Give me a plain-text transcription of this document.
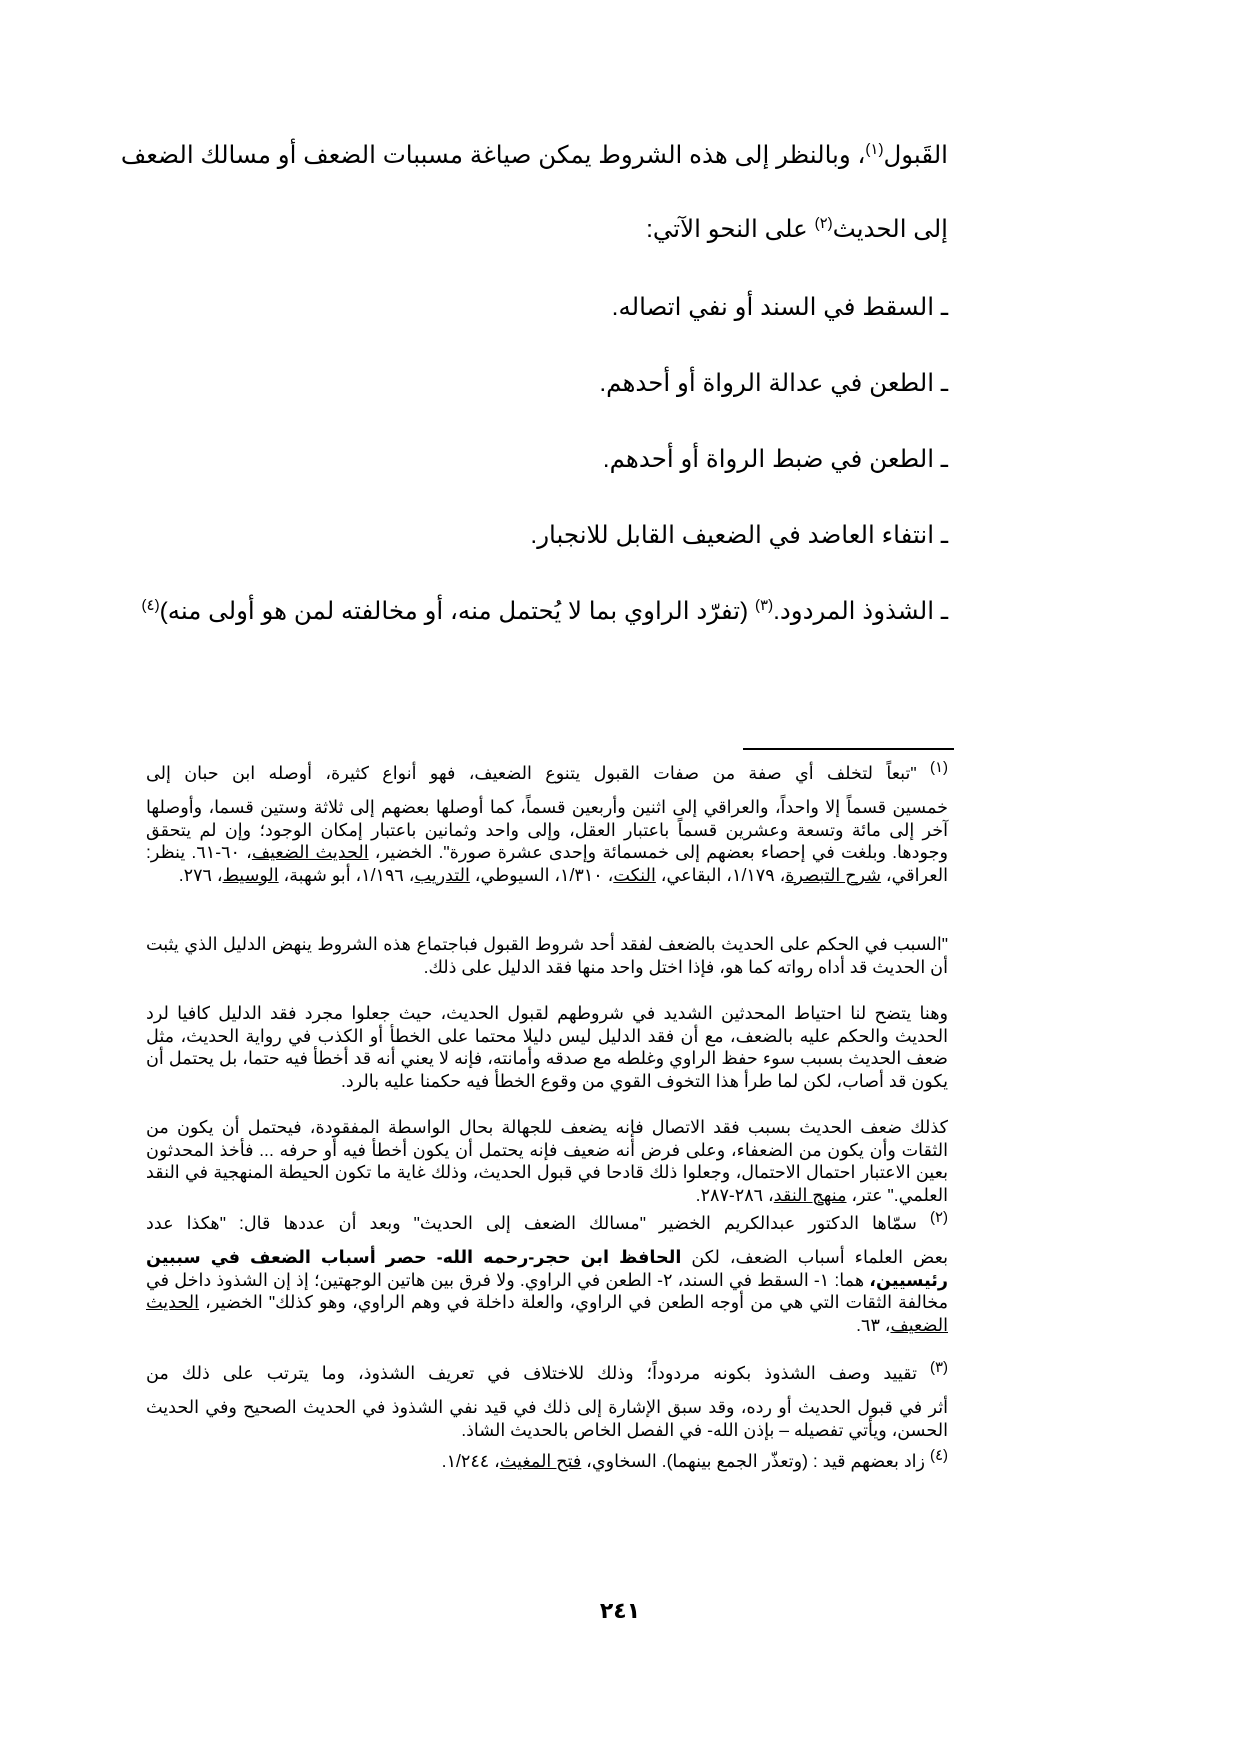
القَبول$^{(١)}$، وبالنظر إلى هذه الشروط يمكن صياغة مسببات الضعف أو مسالك الضعف
إلى الحديث$^{(٢)}$ على النحو الآتي:
ـ السقط في السند أو نفي اتصاله.
ـ الطعن في عدالة الرواة أو أحدهم.
ـ الطعن في ضبط الرواة أو أحدهم.
ـ انتفاء العاضد في الضعيف القابل للانجبار.
ـ الشذوذ المردود.$^{(٣)}$ (تفرّد الراوي بما لا يُحتمل منه، أو مخالفته لمن هو أولى منه)$^{(٤)}$
$^{(١)}$ "تبعاً لتخلف أي صفة من صفات القبول يتنوع الضعيف، فهو أنواع كثيرة، أوصله ابن حبان إلى
خمسين قسماً إلا واحداً، والعراقي إلى اثنين وأربعين قسماً، كما أوصلها بعضهم إلى ثلاثة وستين قسما، وأوصلها آخر إلى مائة وتسعة وعشرين قسماً باعتبار العقل، وإلى واحد وثمانين باعتبار إمكان الوجود؛ وإن لم يتحقق وجودها. وبلغت في إحصاء بعضهم إلى خمسمائة وإحدى عشرة صورة". الخضير، الحديث الضعيف، ٦٠-٦١. ينظر: العراقي، شرح التبصرة، ١/١٧٩، البقاعي، النكت، ١/٣١٠، السيوطي، التدريب، ١/١٩٦، أبو شهبة، الوسيط، ٢٧٦.
"السبب في الحكم على الحديث بالضعف لفقد أحد شروط القبول فباجتماع هذه الشروط ينهض الدليل الذي يثبت أن الحديث قد أداه رواته كما هو، فإذا اختل واحد منها فقد الدليل على ذلك.
وهنا يتضح لنا احتياط المحدثين الشديد في شروطهم لقبول الحديث، حيث جعلوا مجرد فقد الدليل كافيا لرد الحديث والحكم عليه بالضعف، مع أن فقد الدليل ليس دليلا محتما على الخطأ أو الكذب في رواية الحديث، مثل ضعف الحديث بسبب سوء حفظ الراوي وغلطه مع صدقه وأمانته، فإنه لا يعني أنه قد أخطأ فيه حتما، بل يحتمل أن يكون قد أصاب، لكن لما طرأ هذا التخوف القوي من وقوع الخطأ فيه حكمنا عليه بالرد.
كذلك ضعف الحديث بسبب فقد الاتصال فإنه يضعف للجهالة بحال الواسطة المفقودة، فيحتمل أن يكون من الثقات وأن يكون من الضعفاء، وعلى فرض أنه ضعيف فإنه يحتمل أن يكون أخطأ فيه أو حرفه ... فأخذ المحدثون بعين الاعتبار احتمال الاحتمال، وجعلوا ذلك قادحا في قبول الحديث، وذلك غاية ما تكون الحيطة المنهجية في النقد العلمي." عتر، منهج النقد، ٢٨٦-٢٨٧.
$^{(٢)}$ سمّاها الدكتور عبدالكريم الخضير "مسالك الضعف إلى الحديث" وبعد أن عددها قال: "هكذا عدد
بعض العلماء أسباب الضعف، لكن الحافظ ابن حجر-رحمه الله- حصر أسباب الضعف في سببين رئيسيين، هما: ١- السقط في السند، ٢- الطعن في الراوي. ولا فرق بين هاتين الوجهتين؛ إذ إن الشذوذ داخل في مخالفة الثقات التي هي من أوجه الطعن في الراوي، والعلة داخلة في وهم الراوي، وهو كذلك" الخضير، الحديث الضعيف، ٦٣.
$^{(٣)}$ تقييد وصف الشذوذ بكونه مردوداً؛ وذلك للاختلاف في تعريف الشذوذ، وما يترتب على ذلك من
أثر في قبول الحديث أو رده، وقد سبق الإشارة إلى ذلك في قيد نفي الشذوذ في الحديث الصحيح وفي الحديث الحسن، ويأتي تفصيله – بإذن الله- في الفصل الخاص بالحديث الشاذ.
$^{(٤)}$ زاد بعضهم قيد : (وتعذّر الجمع بينهما). السخاوي، فتح المغيث، ١/٢٤٤.
٢٤١
